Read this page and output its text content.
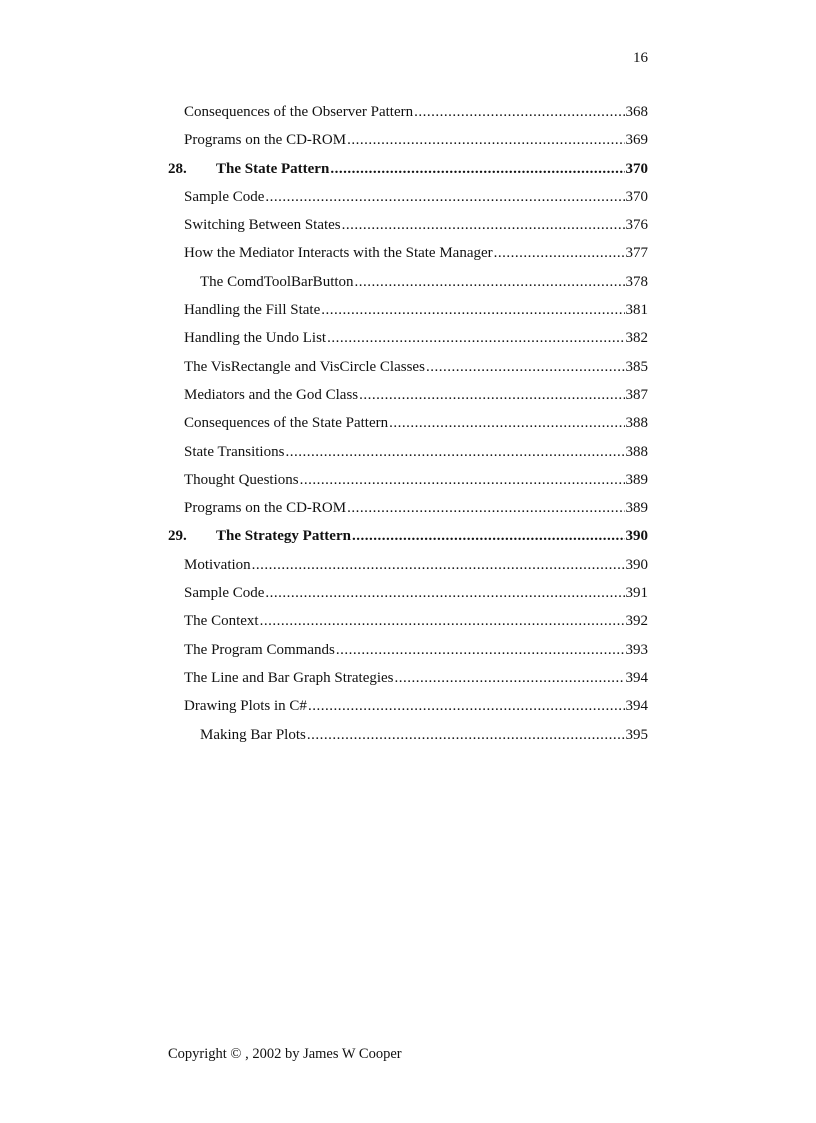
16
Consequences of the Observer Pattern .....	368
Programs on the CD-ROM .....	369
28.	The State Pattern .....	370
Sample Code .....	370
Switching Between States .....	376
How the Mediator Interacts with the State Manager .....	377
The ComdToolBarButton .....	378
Handling the Fill State .....	381
Handling the Undo List .....	382
The VisRectangle and VisCircle Classes .....	385
Mediators and the God Class .....	387
Consequences of the State Pattern .....	388
State Transitions .....	388
Thought Questions .....	389
Programs on the CD-ROM .....	389
29.	The Strategy Pattern .....	390
Motivation .....	390
Sample Code .....	391
The Context .....	392
The Program Commands .....	393
The Line and Bar Graph Strategies .....	394
Drawing Plots in C# .....	394
Making Bar Plots .....	395
Copyright © , 2002 by James W Cooper
